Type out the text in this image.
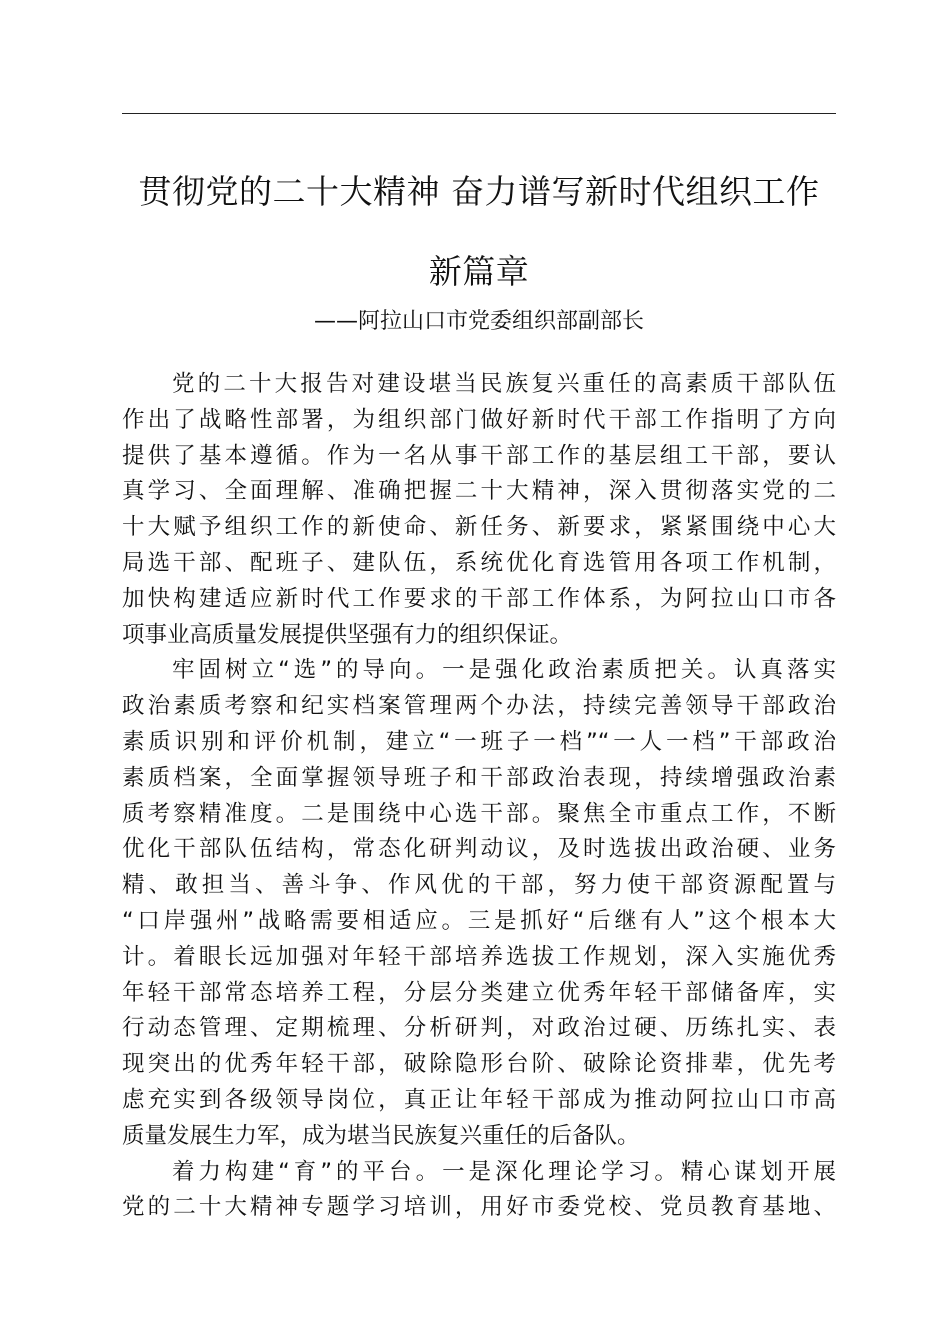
贯彻党的二十大精神 奋力谱写新时代组织工作
新篇章
——阿拉山口市党委组织部副部长

党的二十大报告对建设堪当民族复兴重任的高素质干部队伍
作出了战略性部署，为组织部门做好新时代干部工作指明了方向
提供了基本遵循。作为一名从事干部工作的基层组工干部，要认
真学习、全面理解、准确把握二十大精神，深入贯彻落实党的二
十大赋予组织工作的新使命、新任务、新要求，紧紧围绕中心大
局选干部、配班子、建队伍，系统优化育选管用各项工作机制，
加快构建适应新时代工作要求的干部工作体系，为阿拉山口市各
项事业高质量发展提供坚强有力的组织保证。

牢固树立“选”的导向。一是强化政治素质把关。认真落实
政治素质考察和纪实档案管理两个办法，持续完善领导干部政治
素质识别和评价机制，建立“一班子一档”“一人一档”干部政治
素质档案，全面掌握领导班子和干部政治表现，持续增强政治素
质考察精准度。二是围绕中心选干部。聚焦全市重点工作，不断
优化干部队伍结构，常态化研判动议，及时选拔出政治硬、业务
精、敢担当、善斗争、作风优的干部，努力使干部资源配置与
“口岸强州”战略需要相适应。三是抓好“后继有人”这个根本大
计。着眼长远加强对年轻干部培养选拔工作规划，深入实施优秀
年轻干部常态培养工程，分层分类建立优秀年轻干部储备库，实
行动态管理、定期梳理、分析研判，对政治过硬、历练扎实、表
现突出的优秀年轻干部，破除隐形台阶、破除论资排辈，优先考
虑充实到各级领导岗位，真正让年轻干部成为推动阿拉山口市高
质量发展生力军，成为堪当民族复兴重任的后备队。

着力构建“育”的平台。一是深化理论学习。精心谋划开展
党的二十大精神专题学习培训，用好市委党校、党员教育基地、
